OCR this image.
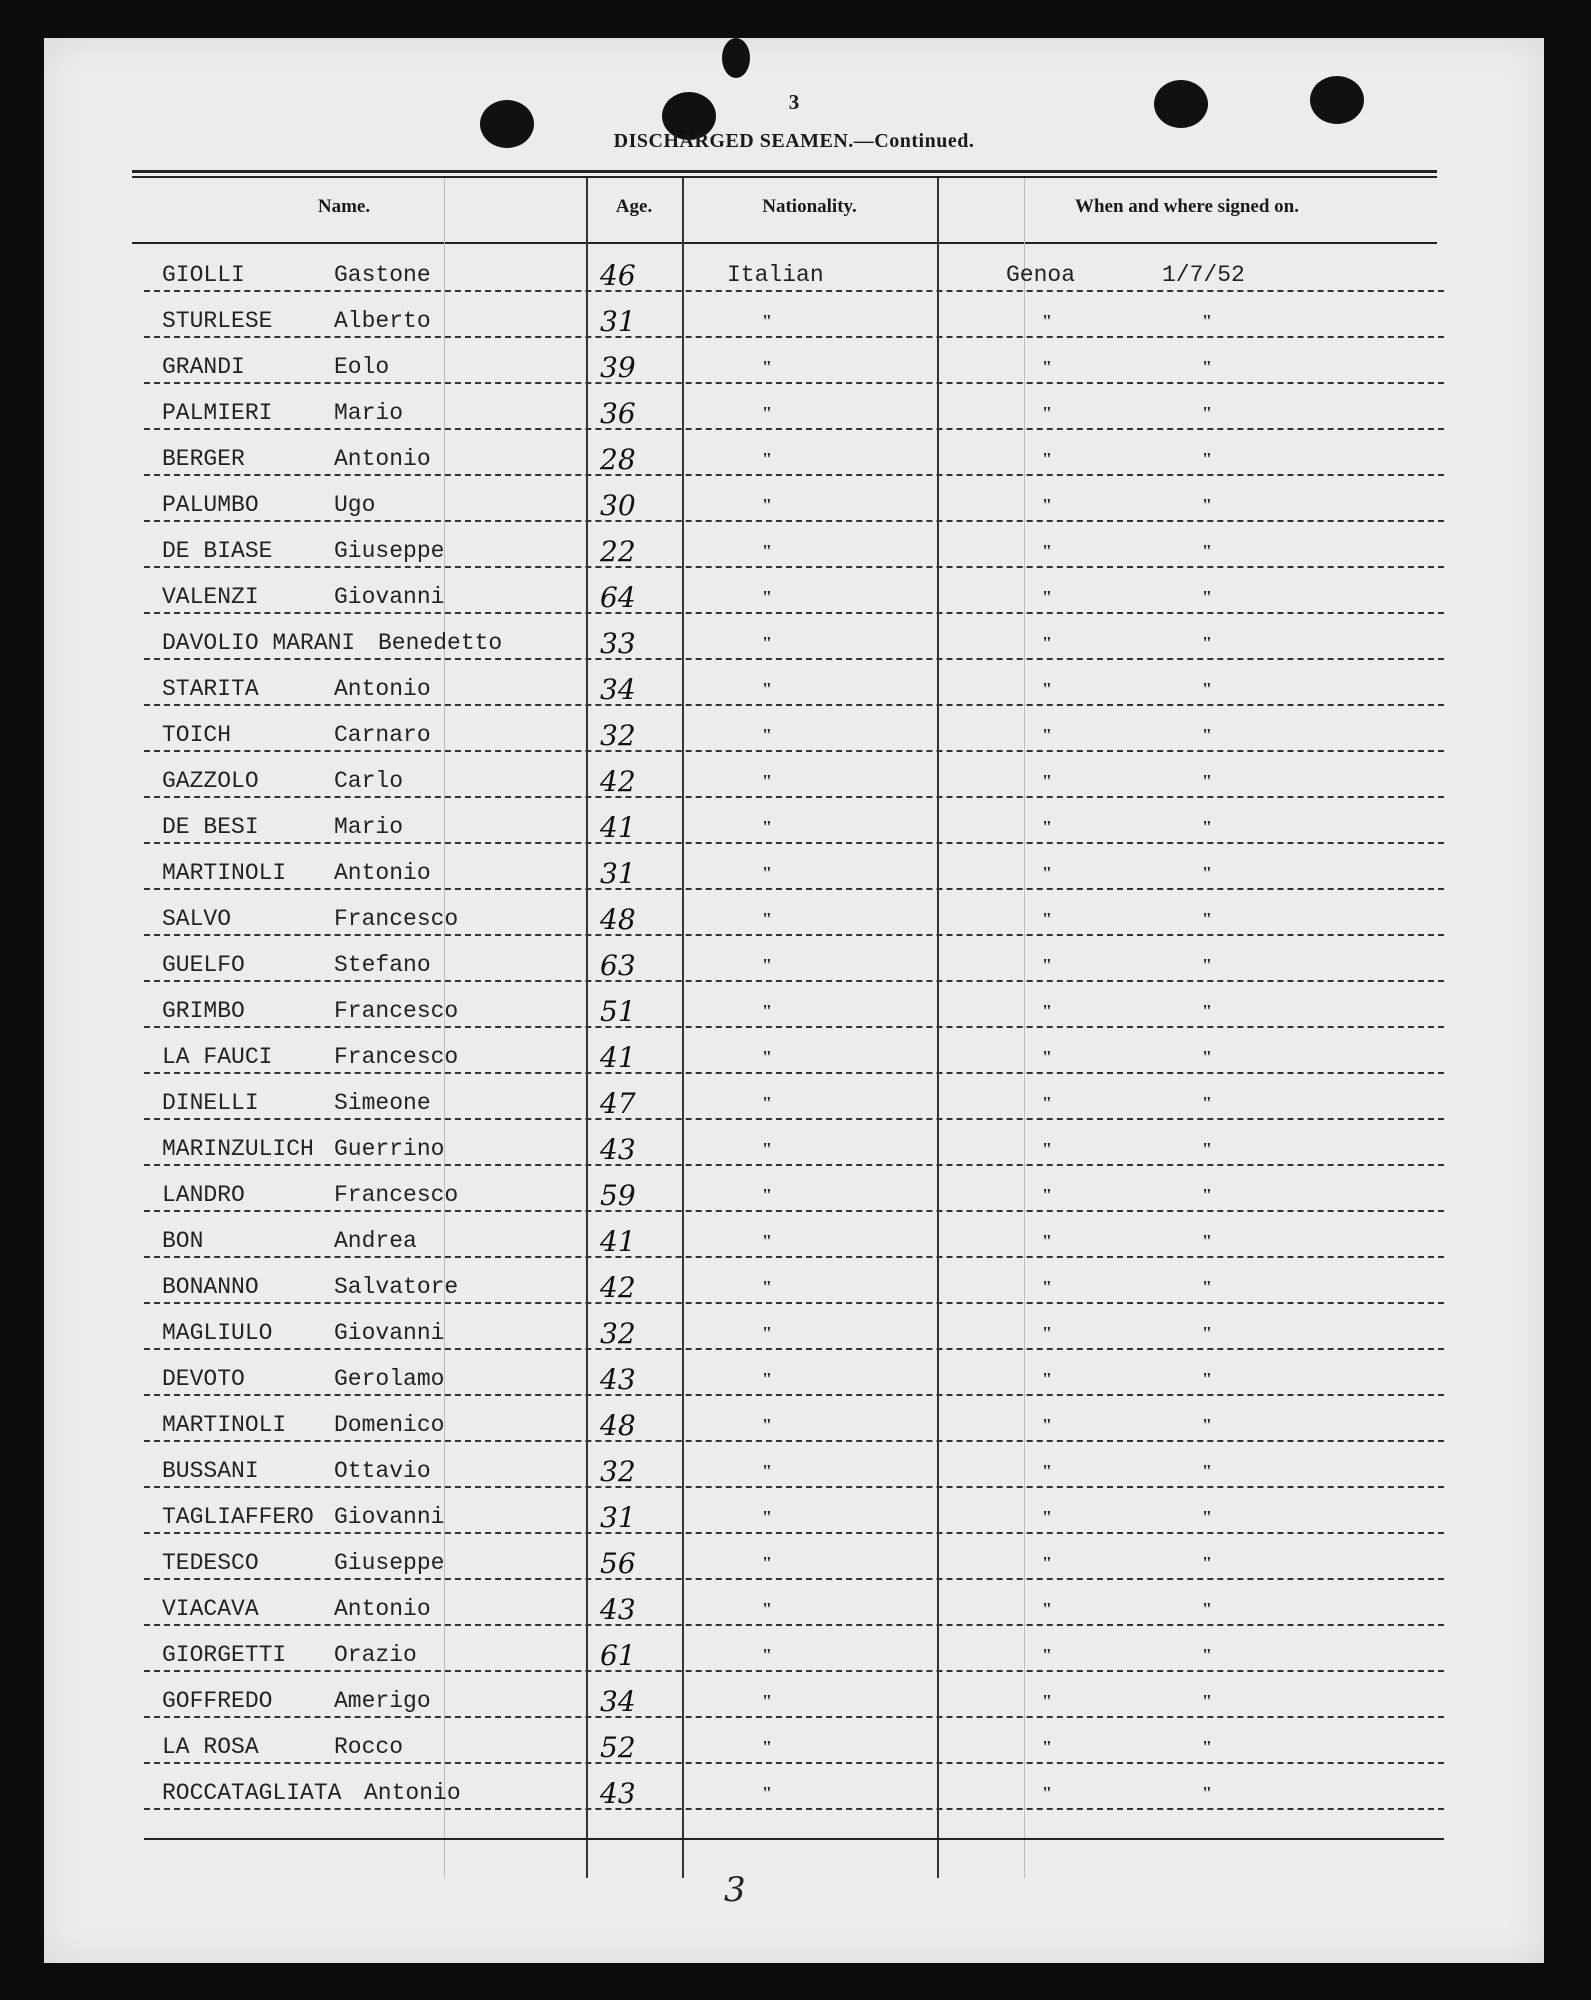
3
DISCHARGED SEAMEN.—Continued.
Name.	Age.	Nationality.	When and where signed on.
GIOLLI	Gastone	46	Italian	Genoa	1/7/52
STURLESE	Alberto	31	"	"	"
GRANDI	Eolo	39	"	"	"
PALMIERI	Mario	36	"	"	"
BERGER	Antonio	28	"	"	"
PALUMBO	Ugo	30	"	"	"
DE BIASE	Giuseppe	22	"	"	"
VALENZI	Giovanni	64	"	"	"
DAVOLIO MARANI Benedetto	33	"	"	"
STARITA	Antonio	34	"	"	"
TOICH	Carnaro	32	"	"	"
GAZZOLO	Carlo	42	"	"	"
DE BESI	Mario	41	"	"	"
MARTINOLI Antonio	31	"	"	"
SALVO	Francesco	48	"	"	"
GUELFO	Stefano	63	"	"	"
GRIMBO	Francesco	51	"	"	"
LA FAUCI	Francesco	41	"	"	"
DINELLI	Simeone	47	"	"	"
MARINZULICH Guerrino	43	"	"	"
LANDRO	Francesco	59	"	"	"
BON	Andrea	41	"	"	"
BONANNO	Salvatore	42	"	"	"
MAGLIULO	Giovanni	32	"	"	"
DEVOTO	Gerolamo	43	"	"	"
MARTINOLI Domenico	48	"	"	"
BUSSANI	Ottavio	32	"	"	"
TAGLIAFFERO Giovanni	31	"	"	"
TEDESCO	Giuseppe	56	"	"	"
VIACAVA	Antonio	43	"	"	"
GIORGETTI Orazio	61	"	"	"
GOFFREDO	Amerigo	34	"	"	"
LA ROSA	Rocco	52	"	"	"
ROCCATAGLIATA Antonio	43	"	"	"
3
